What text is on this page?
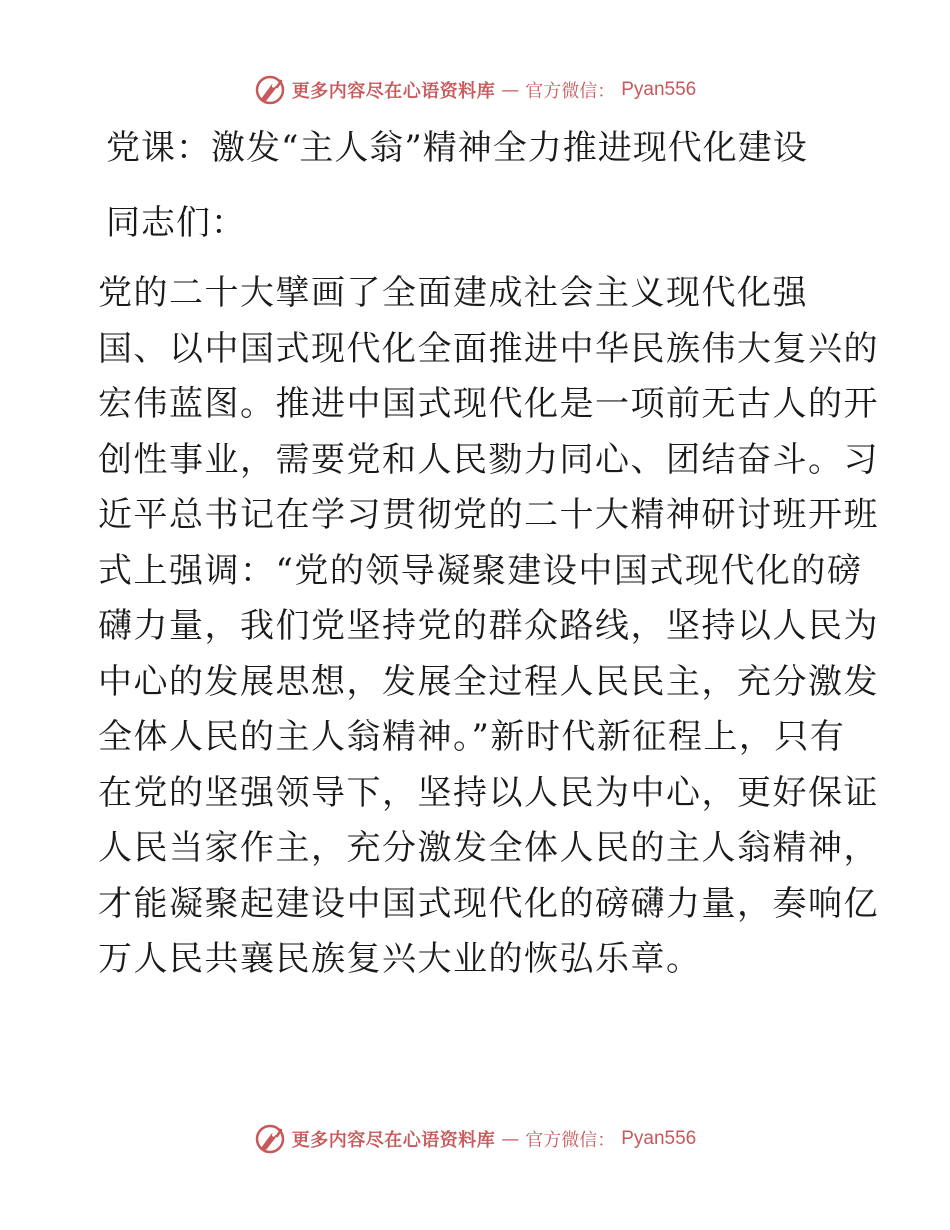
更多内容尽在心语资料库 — 官方微信： Pyan556
党课：激发“主人翁”精神全力推进现代化建设
同志们：
党的二十大擘画了全面建成社会主义现代化强
国、以中国式现代化全面推进中华民族伟大复兴的
宏伟蓝图。推进中国式现代化是一项前无古人的开
创性事业，需要党和人民勠力同心、团结奋斗。习
近平总书记在学习贯彻党的二十大精神研讨班开班
式上强调：“党的领导凝聚建设中国式现代化的磅
礴力量，我们党坚持党的群众路线，坚持以人民为
中心的发展思想，发展全过程人民民主，充分激发
全体人民的主人翁精神。”新时代新征程上，只有
在党的坚强领导下，坚持以人民为中心，更好保证
人民当家作主，充分激发全体人民的主人翁精神，
才能凝聚起建设中国式现代化的磅礴力量，奏响亿
万人民共襄民族复兴大业的恢弘乐章。
更多内容尽在心语资料库 — 官方微信： Pyan556
